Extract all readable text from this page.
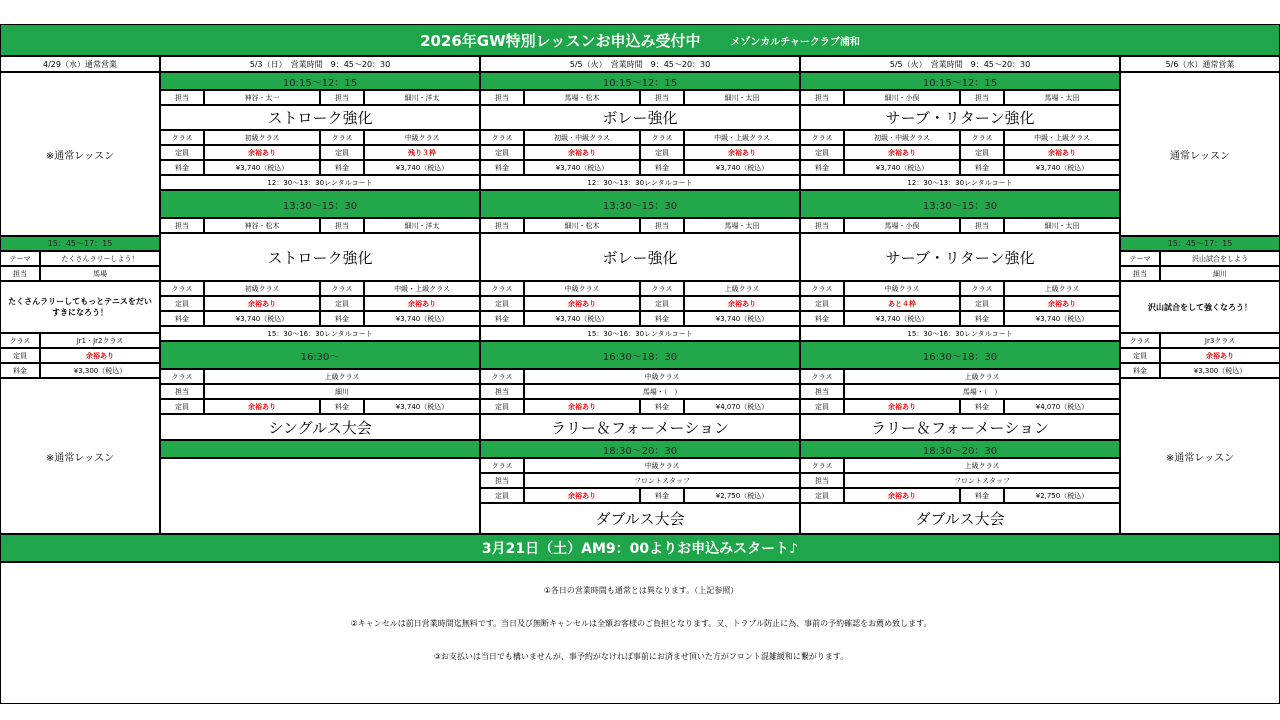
2026年GW特別レッスンお申込み受付中	メゾンカルチャークラブ浦和
4/29（水）通常営業	5/3（日）　営業時間　9：45～20：30	5/5（火）　営業時間　9：45～20：30	5/5（火）　営業時間　9：45～20：30	5/6（水）通常営業
※通常レッスン
15：45～17：15
テーマ	たくさんラリーしよう！
担当	馬場
たくさんラリーしてもっとテニスをだいすきになろう！
クラス	Jr1・Jr2クラス
定員	余裕あり
料金	¥3,300（税込）
※通常レッスン
通常レッスン
15：45～17：15
テーマ	沢山試合をしよう
担当	細川
沢山試合をして強くなろう！
クラス	Jr3クラス
定員	余裕あり
料金	¥3,300（税込）
※通常レッスン
10:15～12：15
担当	神谷・太一	担当	細川・洋太
ストローク強化
クラス	初級クラス	クラス	中級クラス
定員	余裕あり	定員	残り３枠
料金	¥3,740（税込）	料金	¥3,740（税込）
12：30～13：30レンタルコート
13:30～15：30
担当	神谷・松木	担当	細川・洋太
ストローク強化
クラス	初級クラス	クラス	中級・上級クラス
定員	余裕あり	定員	余裕あり
料金	¥3,740（税込）	料金	¥3,740（税込）
15：30～16：30レンタルコート
16:30～
クラス	上級クラス
担当	細川
定員	余裕あり	料金	¥3,740（税込）
シングルス大会
10:15～12：15
担当	馬場・松木	担当	細川・太田
ボレー強化
クラス	初級・中級クラス	クラス	中級・上級クラス
定員	余裕あり	定員	余裕あり
料金	¥3,740（税込）	料金	¥3,740（税込）
12：30～13：30レンタルコート
13:30～15：30
担当	細川・松木	担当	馬場・太田
ボレー強化
クラス	中級クラス	クラス	上級クラス
定員	余裕あり	定員	余裕あり
料金	¥3,740（税込）	料金	¥3,740（税込）
15：30～16：30レンタルコート
16:30～18：30
クラス	中級クラス
担当	馬場・（　）
定員	余裕あり	料金	¥4,070（税込）
ラリー＆フォーメーション
18:30～20：30
クラス	中級クラス
担当	フロントスタッフ
定員	余裕あり	料金	¥2,750（税込）
ダブルス大会
10:15～12：15
担当	細川・小俣	担当	馬場・太田
サーブ・リターン強化
クラス	初級・中級クラス	クラス	中級・上級クラス
定員	余裕あり	定員	余裕あり
料金	¥3,740（税込）	料金	¥3,740（税込）
12：30～13：30レンタルコート
13:30～15：30
担当	馬場・小俣	担当	細川・太田
サーブ・リターン強化
クラス	中級クラス	クラス	上級クラス
定員	あと４枠	定員	余裕あり
料金	¥3,740（税込）	料金	¥3,740（税込）
15：30～16：30レンタルコート
16:30～18：30
クラス	上級クラス
担当	馬場・（　）
定員	余裕あり	料金	¥4,070（税込）
ラリー＆フォーメーション
18:30～20：30
クラス	上級クラス
担当	フロントスタッフ
定員	余裕あり	料金	¥2,750（税込）
ダブルス大会
3月21日（土）AM9：00よりお申込みスタート♪
①各日の営業時間も通常とは異なります。（上記参照）
②キャンセルは前日営業時間迄無料です。当日及び無断キャンセルは全額お客様のご負担となります。又、トラブル防止に為、事前の予約確認をお薦め致します。
③お支払いは当日でも構いませんが、事予約がなければ事前にお済ませ頂いた方がフロント混雑緩和に繋がります。
